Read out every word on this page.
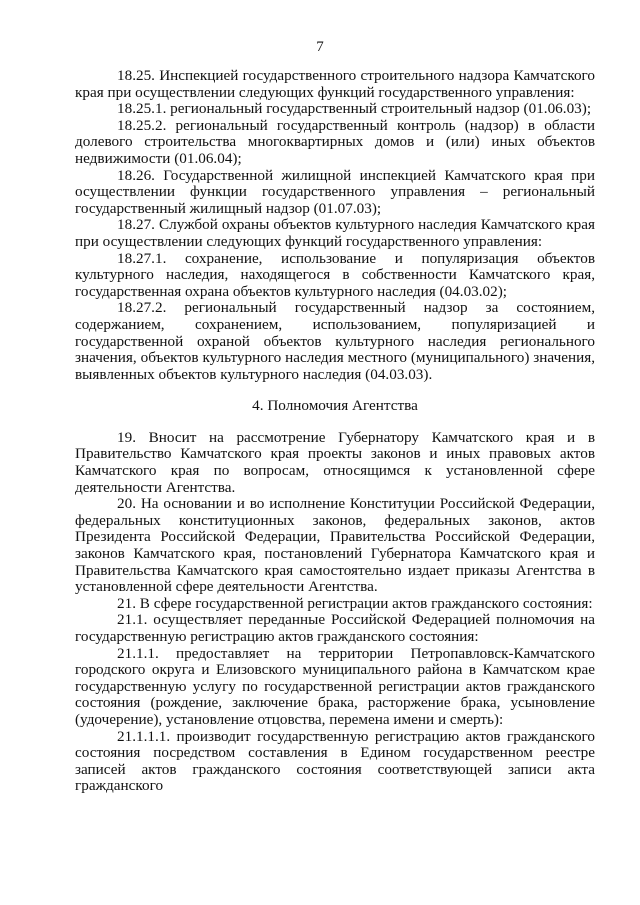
7

18.25. Инспекцией государственного строительного надзора Камчатского края при осуществлении следующих функций государственного управления:

18.25.1. региональный государственный строительный надзор (01.06.03);

18.25.2. региональный государственный контроль (надзор) в области долевого строительства многоквартирных домов и (или) иных объектов недвижимости (01.06.04);

18.26. Государственной жилищной инспекцией Камчатского края при осуществлении функции государственного управления – региональный государственный жилищный надзор (01.07.03);

18.27. Службой охраны объектов культурного наследия Камчатского края при осуществлении следующих функций государственного управления:

18.27.1. сохранение, использование и популяризация объектов культурного наследия, находящегося в собственности Камчатского края, государственная охрана объектов культурного наследия (04.03.02);

18.27.2. региональный государственный надзор за состоянием, содержанием, сохранением, использованием, популяризацией и государственной охраной объектов культурного наследия регионального значения, объектов культурного наследия местного (муниципального) значения, выявленных объектов культурного наследия (04.03.03).

4. Полномочия Агентства

19. Вносит на рассмотрение Губернатору Камчатского края и в Правительство Камчатского края проекты законов и иных правовых актов Камчатского края по вопросам, относящимся к установленной сфере деятельности Агентства.

20. На основании и во исполнение Конституции Российской Федерации, федеральных конституционных законов, федеральных законов, актов Президента Российской Федерации, Правительства Российской Федерации, законов Камчатского края, постановлений Губернатора Камчатского края и Правительства Камчатского края самостоятельно издает приказы Агентства в установленной сфере деятельности Агентства.

21. В сфере государственной регистрации актов гражданского состояния:

21.1. осуществляет переданные Российской Федерацией полномочия на государственную регистрацию актов гражданского состояния:

21.1.1. предоставляет на территории Петропавловск-Камчатского городского округа и Елизовского муниципального района в Камчатском крае государственную услугу по государственной регистрации актов гражданского состояния (рождение, заключение брака, расторжение брака, усыновление (удочерение), установление отцовства, перемена имени и смерть):

21.1.1.1. производит государственную регистрацию актов гражданского состояния посредством составления в Едином государственном реестре записей актов гражданского состояния соответствующей записи акта гражданского
